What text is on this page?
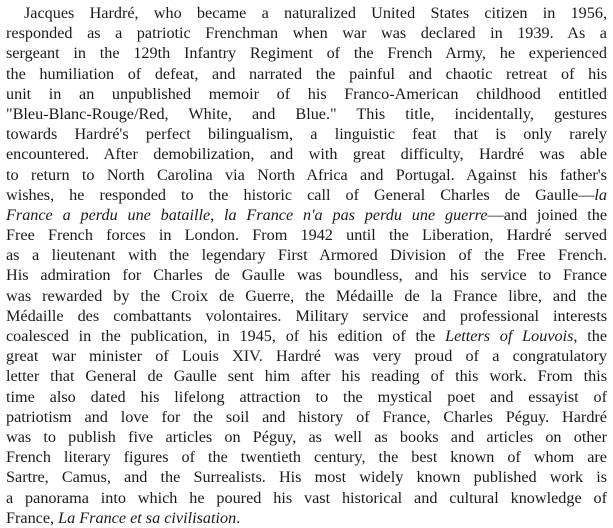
Jacques Hardré, who became a naturalized United States citizen in 1956,
responded as a patriotic Frenchman when war was declared in 1939. As a
sergeant in the 129th Infantry Regiment of the French Army, he experienced
the humiliation of defeat, and narrated the painful and chaotic retreat of his
unit in an unpublished memoir of his Franco-American childhood entitled
"Bleu-Blanc-Rouge/Red, White, and Blue." This title, incidentally, gestures
towards Hardré's perfect bilingualism, a linguistic feat that is only rarely
encountered. After demobilization, and with great difficulty, Hardré was able
to return to North Carolina via North Africa and Portugal. Against his father's
wishes, he responded to the historic call of General Charles de Gaulle—la
France a perdu une bataille, la France n'a pas perdu une guerre—and joined the
Free French forces in London. From 1942 until the Liberation, Hardré served
as a lieutenant with the legendary First Armored Division of the Free French.
His admiration for Charles de Gaulle was boundless, and his service to France
was rewarded by the Croix de Guerre, the Médaille de la France libre, and the
Médaille des combattants volontaires. Military service and professional interests
coalesced in the publication, in 1945, of his edition of the Letters of Louvois, the
great war minister of Louis XIV. Hardré was very proud of a congratulatory
letter that General de Gaulle sent him after his reading of this work. From this
time also dated his lifelong attraction to the mystical poet and essayist of
patriotism and love for the soil and history of France, Charles Péguy. Hardré
was to publish five articles on Péguy, as well as books and articles on other
French literary figures of the twentieth century, the best known of whom are
Sartre, Camus, and the Surrealists. His most widely known published work is
a panorama into which he poured his vast historical and cultural knowledge of
France, La France et sa civilisation.
